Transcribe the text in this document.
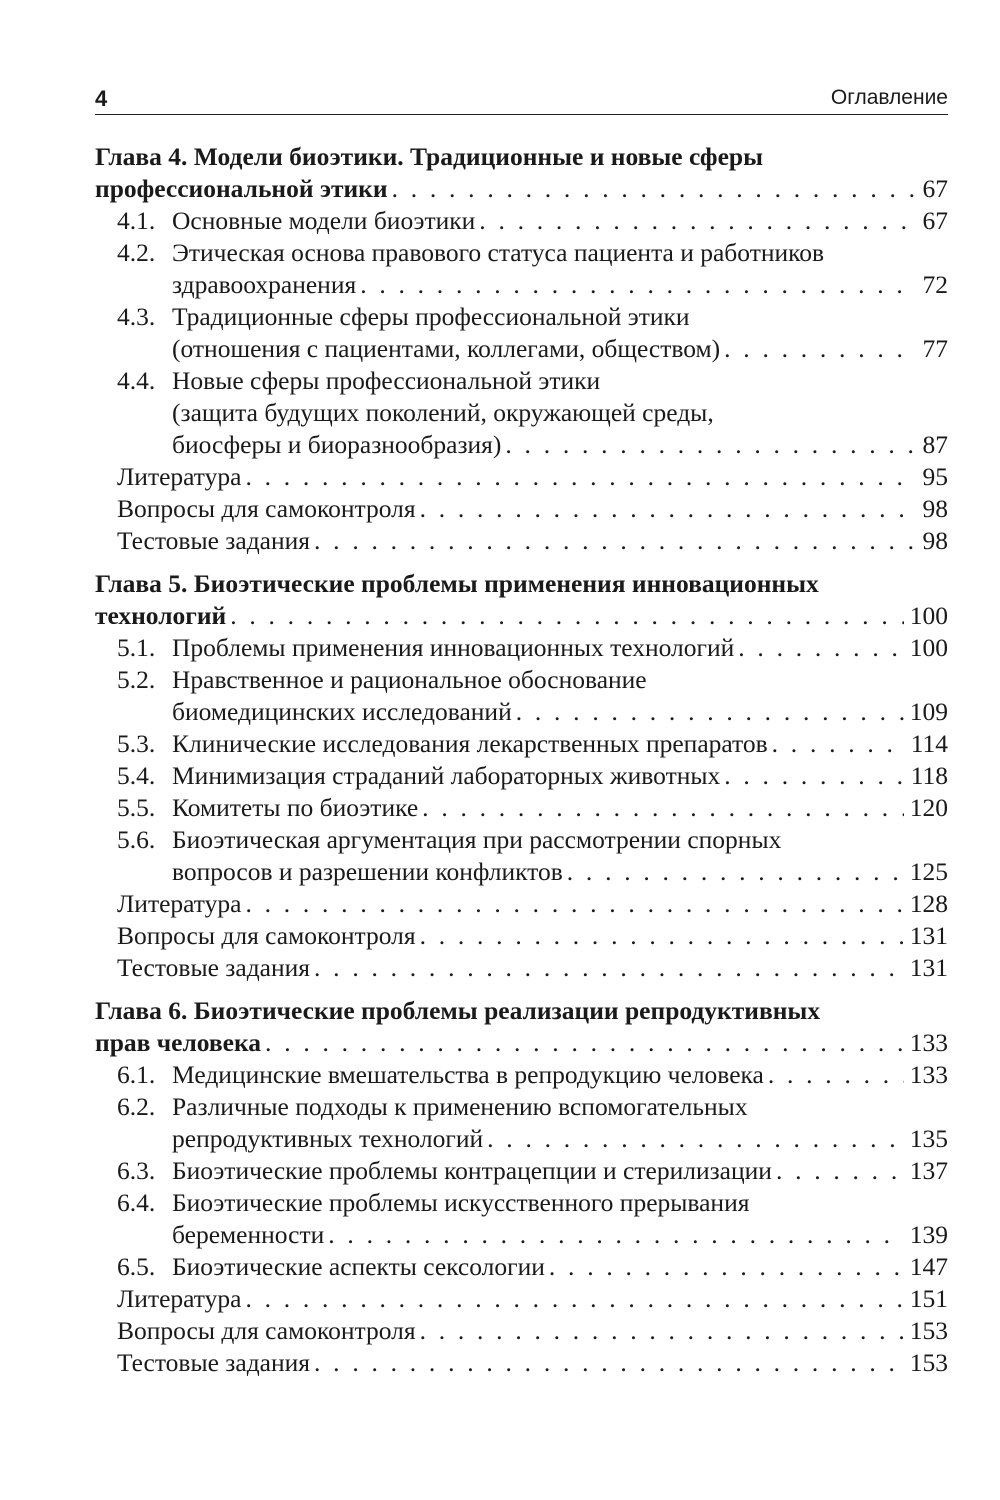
4	Оглавление
Глава 4. Модели биоэтики. Традиционные и новые сферы
профессиональной этики . . .	67
4.1. Основные модели биоэтики . . .	67
4.2. Этическая основа правового статуса пациента и работников
здравоохранения . . .	72
4.3. Традиционные сферы профессиональной этики
(отношения с пациентами, коллегами, обществом) . . .	77
4.4. Новые сферы профессиональной этики
(защита будущих поколений, окружающей среды,
биосферы и биоразнообразия) . . .	87
Литература . . .	95
Вопросы для самоконтроля . . .	98
Тестовые задания . . .	98
Глава 5. Биоэтические проблемы применения инновационных
технологий . . .	100
5.1. Проблемы применения инновационных технологий . . .	100
5.2. Нравственное и рациональное обоснование
биомедицинских исследований . . .	109
5.3. Клинические исследования лекарственных препаратов . . .	114
5.4. Минимизация страданий лабораторных животных . . .	118
5.5. Комитеты по биоэтике . . .	120
5.6. Биоэтическая аргументация при рассмотрении спорных
вопросов и разрешении конфликтов . . .	125
Литература . . .	128
Вопросы для самоконтроля . . .	131
Тестовые задания . . .	131
Глава 6. Биоэтические проблемы реализации репродуктивных
прав человека . . .	133
6.1. Медицинские вмешательства в репродукцию человека . . .	133
6.2. Различные подходы к применению вспомогательных
репродуктивных технологий . . .	135
6.3. Биоэтические проблемы контрацепции и стерилизации . . .	137
6.4. Биоэтические проблемы искусственного прерывания
беременности . . .	139
6.5. Биоэтические аспекты сексологии . . .	147
Литература . . .	151
Вопросы для самоконтроля . . .	153
Тестовые задания . . .	153
